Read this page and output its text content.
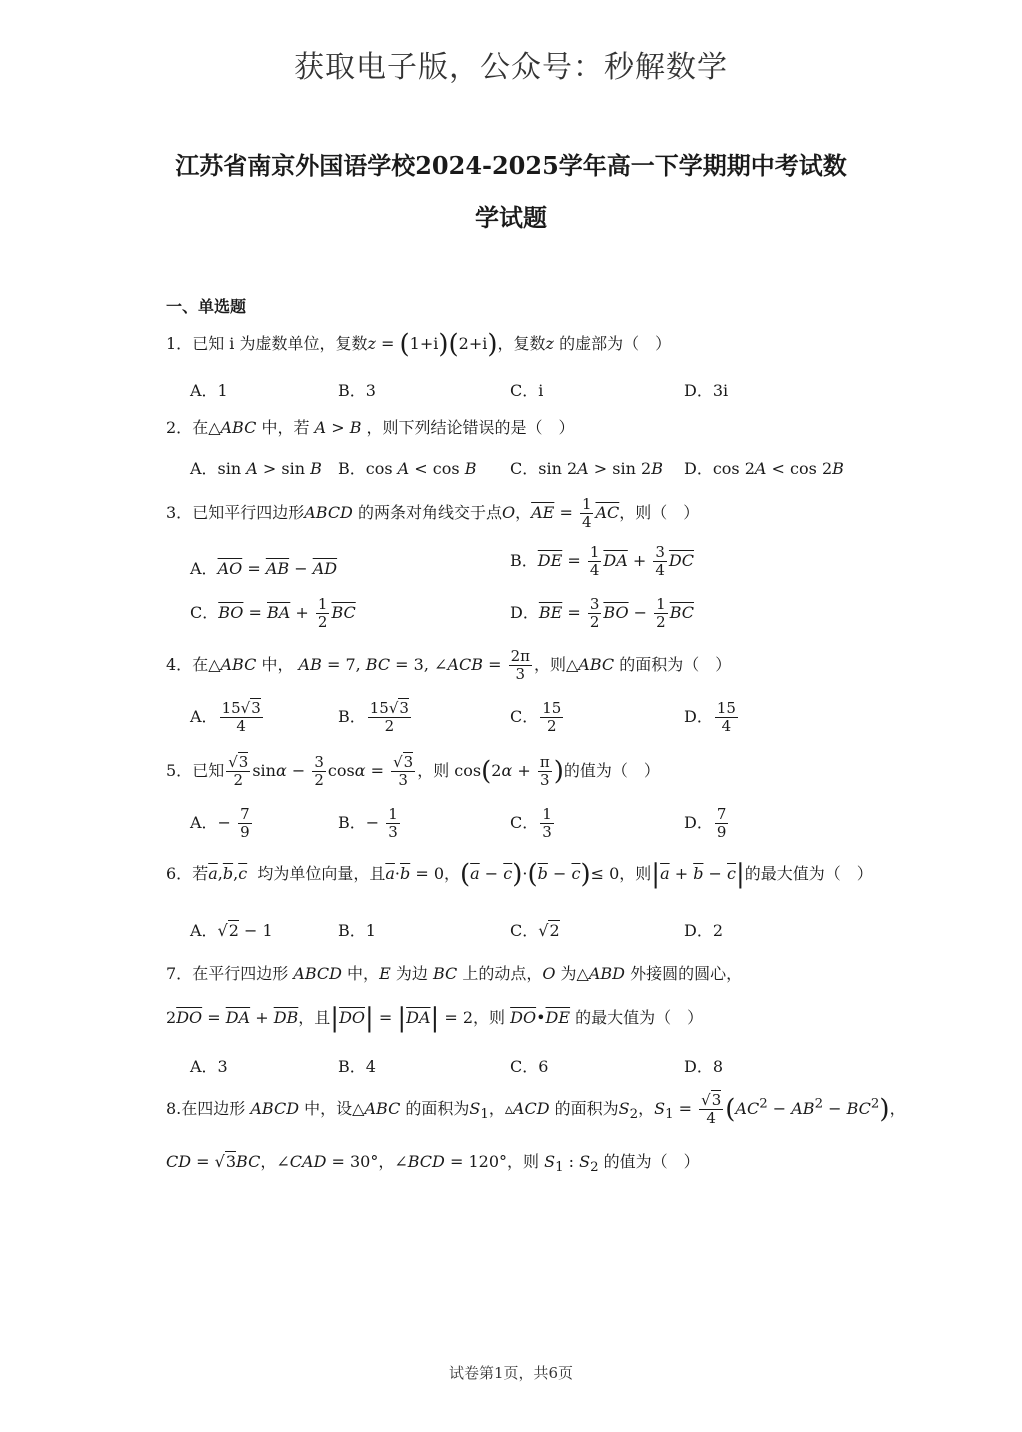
获取电子版，公众号：秒解数学
江苏省南京外国语学校2024-2025学年高一下学期期中考试数
学试题
一、单选题
1．已知 i 为虚数单位，复数z = (1+i)(2+i)，复数z 的虚部为（　）
A．1	B．3	C．i	D．3i
2．在△ABC 中，若 A > B ，则下列结论错误的是（　）
A．sin A > sin B B．cos A < cos B C．sin 2A > sin 2B D．cos 2A < cos 2B
3．已知平行四边形ABCD 的两条对角线交于点O，$\overline{AE} = \frac{1}{4} \overline{AC}$，则（　）
A．$\overline{AO} = \overline{AB} - \overline{AD}$	B．$\overline{DE} = \frac{1}{4} \overline{DA} + \frac{3}{4} \overline{DC}$
C．$\overline{BO} = \overline{BA} + \frac{1}{2} \overline{BC}$	D．$\overline{BE} = \frac{3}{2} \overline{BO} - \frac{1}{2} \overline{BC}$
4．在△ABC 中， AB = 7, BC = 3, ∠ACB = $\frac{2\pi}{3}$ ，则△ABC 的面积为（　）
A． $\frac{15√3}{4}$	B． $\frac{15√3}{2}$	C． $\frac{15}{2}$	D． $\frac{15}{4}$
5．已知 $\frac{√3}{2}$ $\sin\alpha - \frac{3}{2}$ $\cos\alpha = \frac{√3}{3}$ ，则 $\cos(2\alpha + \frac{\pi}{3}$ )的值为（　）
A．− $\frac{7}{9}$	B．− $\frac{1}{3}$	C． $\frac{1}{3}$	D． $\frac{7}{9}$
6．若$\overline{a},\overline{b},\overline{c}$  均为单位向量，且$\overline{a}\cdot\overline{b} = 0$，$(\overline{a} - \overline{c})\cdot(\overline{b} - \overline{c})\le 0$，则$|\overline{a} + \overline{b} - \overline{c}|$的最大值为（　）
A．√2 − 1	B．1	C．√2	D．2
7．在平行四边形 ABCD 中，E 为边 BC 上的动点，O 为△ABD 外接圆的圆心，
$2\overline{DO} = \overline{DA} + \overline{DB}$，且$|\overline{DO}| = |\overline{DA}| = 2$，则 $\overline{DO}•\overline{DE}$ 的最大值为（　）
A．3	B．4	C．6	D．8
8.在四边形 ABCD 中，设△ABC 的面积为$S_1$，▵ACD 的面积为$S_2$，$S_1 = \frac{√3}{4} (AC^2 - AB^2 - BC^2)$，
CD = √3BC，∠CAD = 30°，∠BCD = 120°，则 $S_1$ : $S_2$ 的值为（　）
试卷第1页，共6页
